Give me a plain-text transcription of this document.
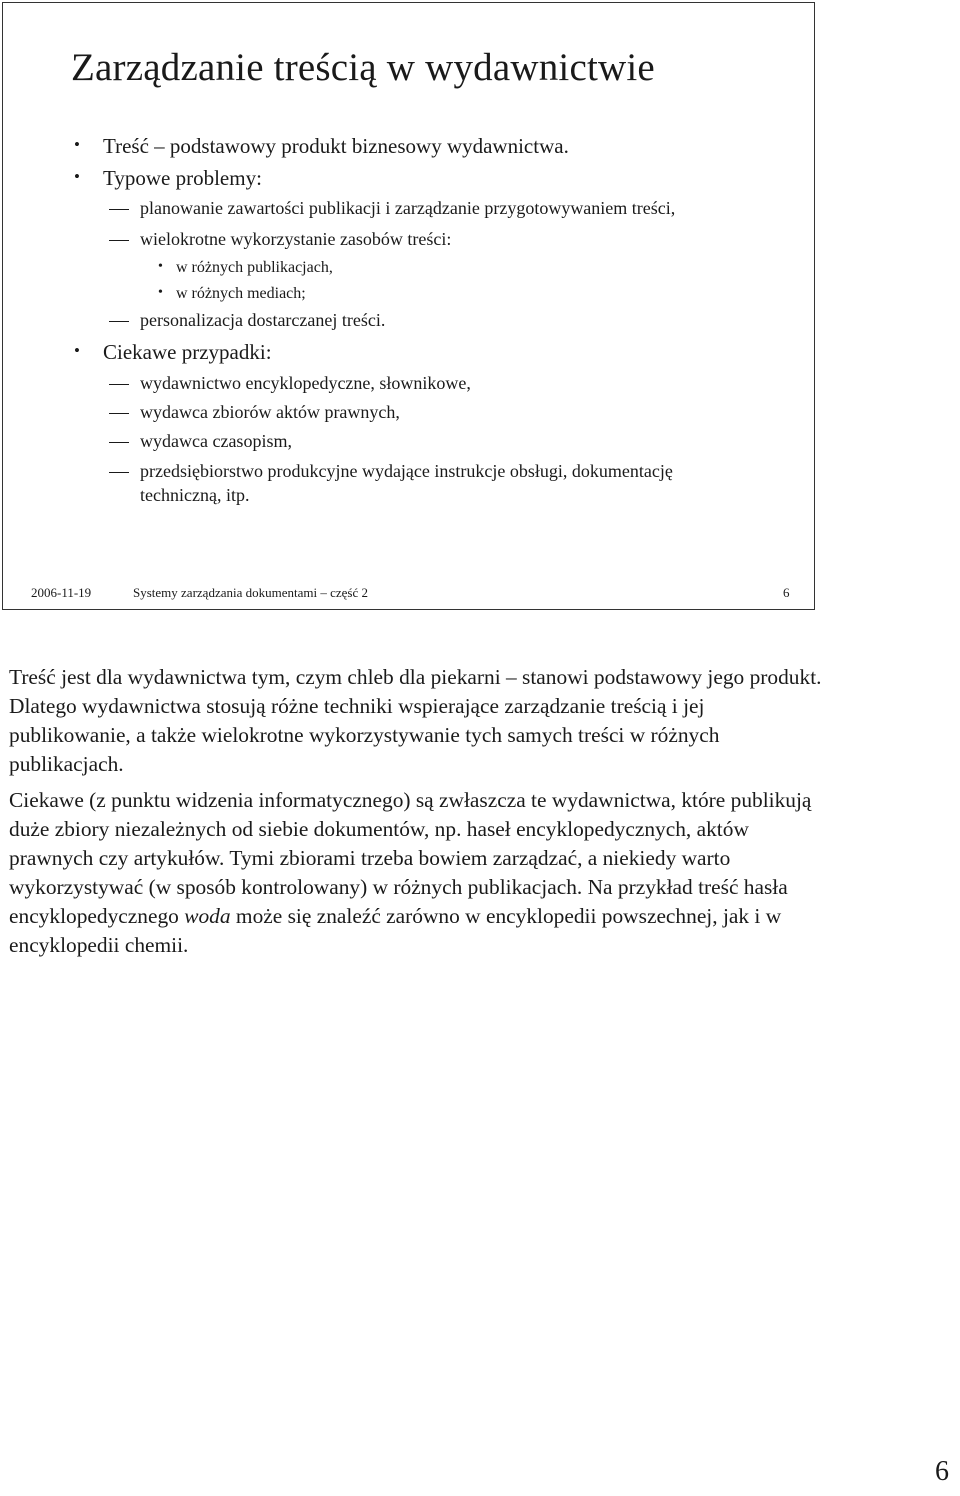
Zarządzanie treścią w wydawnictwie
• Treść – podstawowy produkt biznesowy wydawnictwa.
• Typowe problemy:
planowanie zawartości publikacji i zarządzanie przygotowywaniem treści,
wielokrotne wykorzystanie zasobów treści:
• w różnych publikacjach,
• w różnych mediach;
personalizacja dostarczanej treści.
• Ciekawe przypadki:
wydawnictwo encyklopedyczne, słownikowe,
wydawca zbiorów aktów prawnych,
wydawca czasopism,
przedsiębiorstwo produkcyjne wydające instrukcje obsługi, dokumentację
techniczną, itp.
2006-11-19	Systemy zarządzania dokumentami – część 2	6

Treść jest dla wydawnictwa tym, czym chleb dla piekarni – stanowi podstawowy jego produkt. Dlatego wydawnictwa stosują różne techniki wspierające zarządzanie treścią i jej publikowanie, a także wielokrotne wykorzystywanie tych samych treści w różnych publikacjach.

Ciekawe (z punktu widzenia informatycznego) są zwłaszcza te wydawnictwa, które publikują duże zbiory niezależnych od siebie dokumentów, np. haseł encyklopedycznych, aktów prawnych czy artykułów. Tymi zbiorami trzeba bowiem zarządzać, a niekiedy warto wykorzystywać (w sposób kontrolowany) w różnych publikacjach. Na przykład treść hasła encyklopedycznego woda może się znaleźć zarówno w encyklopedii powszechnej, jak i w encyklopedii chemii.

6
